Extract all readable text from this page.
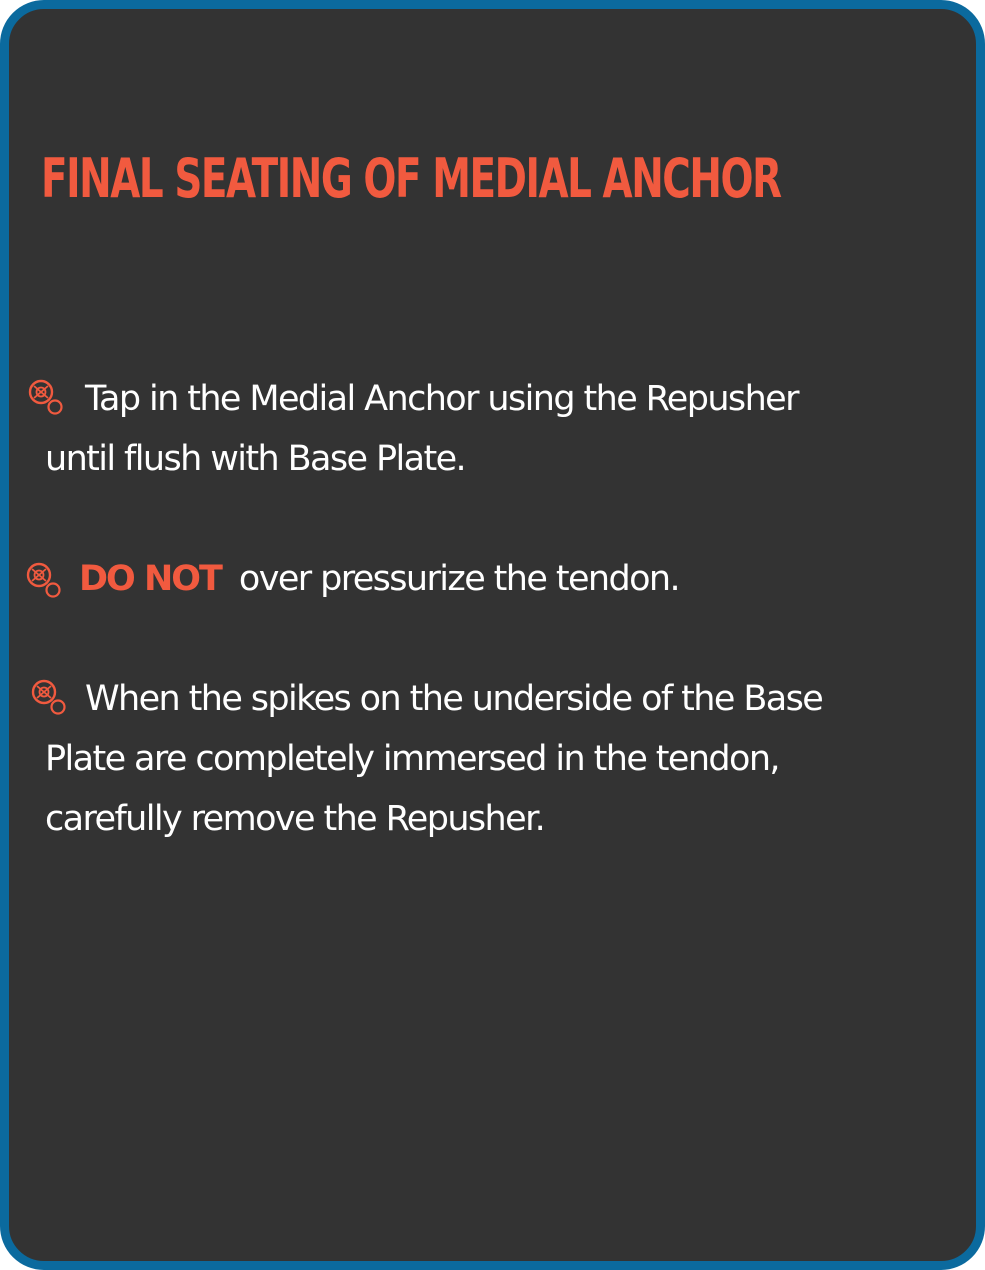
FINAL SEATING OF MEDIAL ANCHOR
Tap in the Medial Anchor using the Repusher
until flush with Base Plate.
DO NOT over pressurize the tendon.
When the spikes on the underside of the Base
Plate are completely immersed in the tendon,
carefully remove the Repusher.
